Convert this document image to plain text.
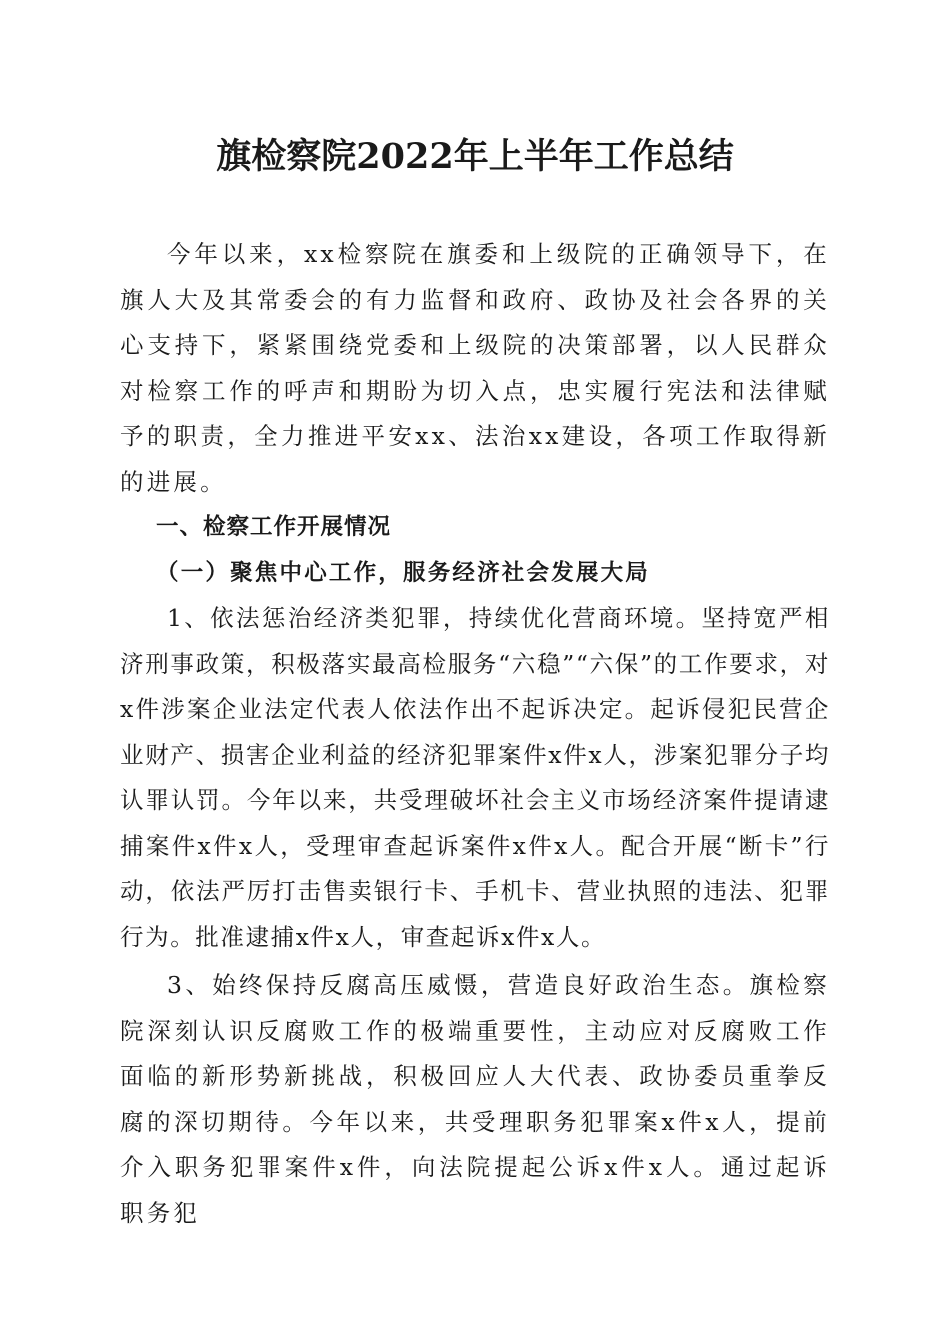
旗检察院2022年上半年工作总结

今年以来，xx检察院在旗委和上级院的正确领导下，在旗人大及其常委会的有力监督和政府、政协及社会各界的关心支持下，紧紧围绕党委和上级院的决策部署，以人民群众对检察工作的呼声和期盼为切入点，忠实履行宪法和法律赋予的职责，全力推进平安xx、法治xx建设，各项工作取得新的进展。

一、检察工作开展情况

（一）聚焦中心工作，服务经济社会发展大局

1、依法惩治经济类犯罪，持续优化营商环境。坚持宽严相济刑事政策，积极落实最高检服务“六稳”“六保”的工作要求，对x件涉案企业法定代表人依法作出不起诉决定。起诉侵犯民营企业财产、损害企业利益的经济犯罪案件x件x人，涉案犯罪分子均认罪认罚。今年以来，共受理破坏社会主义市场经济案件提请逮捕案件x件x人，受理审查起诉案件x件x人。配合开展“断卡”行动，依法严厉打击售卖银行卡、手机卡、营业执照的违法、犯罪行为。批准逮捕x件x人，审查起诉x件x人。

3、始终保持反腐高压威慑，营造良好政治生态。旗检察院深刻认识反腐败工作的极端重要性，主动应对反腐败工作面临的新形势新挑战，积极回应人大代表、政协委员重拳反腐的深切期待。今年以来，共受理职务犯罪案x件x人，提前介入职务犯罪案件x件，向法院提起公诉x件x人。通过起诉职务犯
